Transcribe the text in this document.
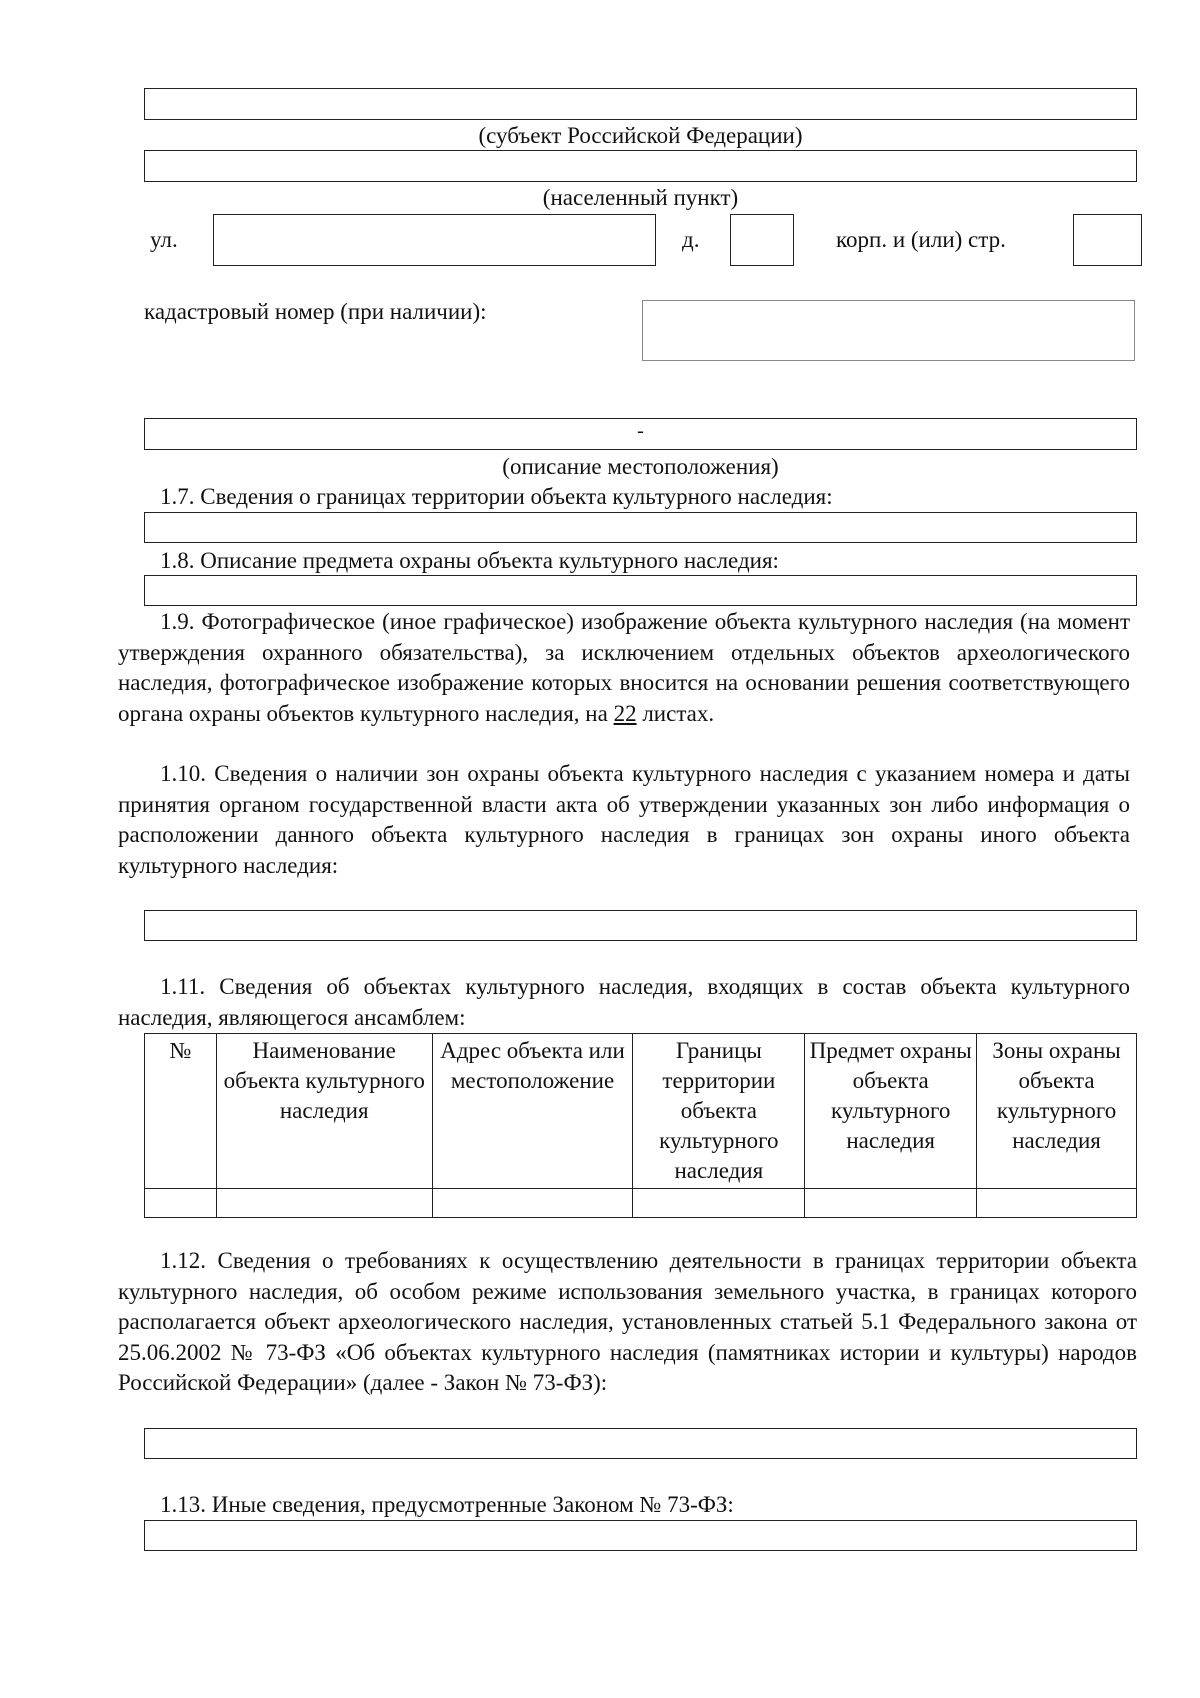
(субъект Российской Федерации)
(населенный пункт)
ул.	д.	корп. и (или) стр.
кадастровый номер (при наличии):
-
(описание местоположения)
1.7. Сведения о границах территории объекта культурного наследия:
1.8. Описание предмета охраны объекта культурного наследия:
1.9. Фотографическое (иное графическое) изображение объекта культурного наследия (на момент утверждения охранного обязательства), за исключением отдельных объектов археологического наследия, фотографическое изображение которых вносится на основании решения соответствующего органа охраны объектов культурного наследия, на 22 листах.
1.10. Сведения о наличии зон охраны объекта культурного наследия с указанием номера и даты принятия органом государственной власти акта об утверждении указанных зон либо информация о расположении данного объекта культурного наследия в границах зон охраны иного объекта культурного наследия:
1.11. Сведения об объектах культурного наследия, входящих в состав объекта культурного наследия, являющегося ансамблем:
№	Наименование объекта культурного наследия	Адрес объекта или местоположение	Границы территории объекта культурного наследия	Предмет охраны объекта культурного наследия	Зоны охраны объекта культурного наследия

1.12. Сведения о требованиях к осуществлению деятельности в границах территории объекта культурного наследия, об особом режиме использования земельного участка, в границах которого располагается объект археологического наследия, установленных статьей 5.1 Федерального закона от 25.06.2002 № 73-ФЗ «Об объектах культурного наследия (памятниках истории и культуры) народов Российской Федерации» (далее - Закон № 73-ФЗ):
1.13. Иные сведения, предусмотренные Законом № 73-ФЗ:
